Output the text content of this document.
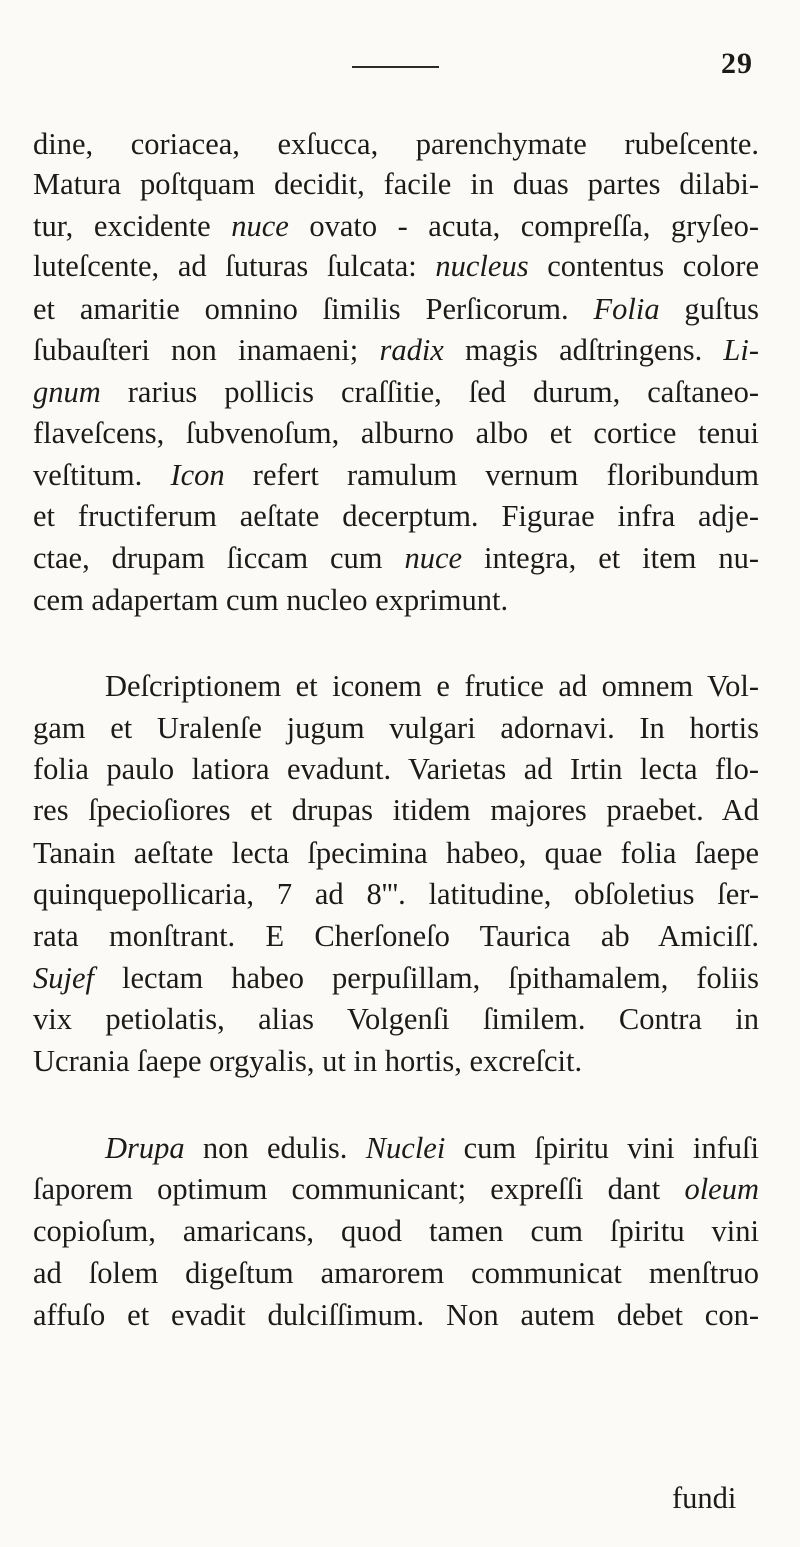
29
dine, coriacea, exſucca, parenchymate rubeſcente.
Matura poſtquam decidit, facile in duas partes dilabi-
tur, excidente nuce ovato - acuta, compreſſa, gryſeo-
luteſcente, ad ſuturas ſulcata: nucleus contentus colore
et amaritie omnino ſimilis Perſicorum. Folia guſtus
ſubauſteri non inamaeni; radix magis adſtringens. Li-
gnum rarius pollicis craſſitie, ſed durum, caſtaneo-
flaveſcens, ſubvenoſum, alburno albo et cortice tenui
veſtitum. Icon refert ramulum vernum floribundum
et fructiferum aeſtate decerptum. Figurae infra adje-
ctae, drupam ſiccam cum nuce integra, et item nu-
cem adapertam cum nucleo exprimunt.
Deſcriptionem et iconem e frutice ad omnem Vol-
gam et Uralenſe jugum vulgari adornavi. In hortis
folia paulo latiora evadunt. Varietas ad Irtin lecta flo-
res ſpecioſiores et drupas itidem majores praebet. Ad
Tanain aeſtate lecta ſpecimina habeo, quae folia ſaepe
quinquepollicaria, 7 ad 8'''. latitudine, obſoletius ſer-
rata monſtrant. E Cherſoneſo Taurica ab Amiciſſ.
Sujef lectam habeo perpuſillam, ſpithamalem, foliis
vix petiolatis, alias Volgenſi ſimilem. Contra in
Ucrania ſaepe orgyalis, ut in hortis, excreſcit.
Drupa non edulis. Nuclei cum ſpiritu vini infuſi
ſaporem optimum communicant; expreſſi dant oleum
copioſum, amaricans, quod tamen cum ſpiritu vini
ad ſolem digeſtum amarorem communicat menſtruo
affuſo et evadit dulciſſimum. Non autem debet con-
fundi
